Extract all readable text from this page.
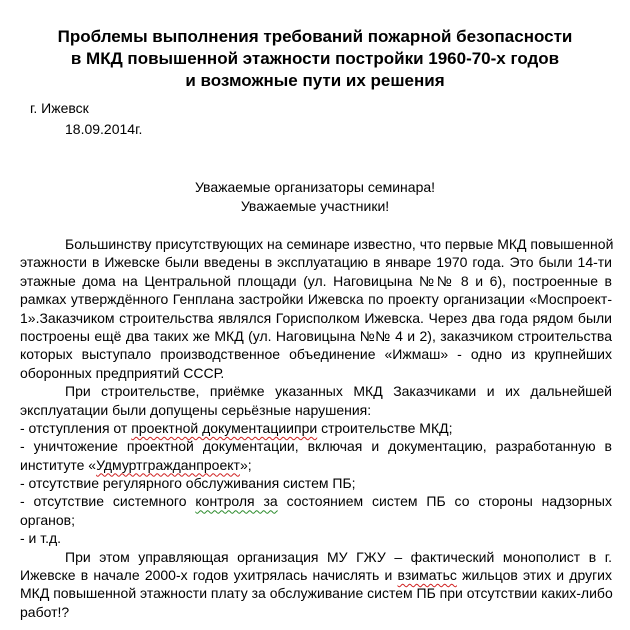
Проблемы выполнения требований пожарной безопасности
в МКД повышенной этажности постройки 1960-70-х годов
и возможные пути их решения
г. Ижевск
18.09.2014г.
Уважаемые организаторы семинара!
Уважаемые участники!
Большинству присутствующих на семинаре известно, что первые МКД повышенной
этажности в Ижевске были введены в эксплуатацию в январе 1970 года. Это были 14-ти
этажные дома на Центральной площади (ул. Наговицына №№ 8 и 6), построенные в
рамках утверждённого Генплана застройки Ижевска по проекту организации «Моспроект-
1».Заказчиком строительства являлся Горисполком Ижевска. Через два года рядом были
построены ещё два таких же МКД (ул. Наговицына №№ 4 и 2), заказчиком строительства
которых выступало производственное объединение «Ижмаш» - одно из крупнейших
оборонных предприятий СССР.
При строительстве, приёмке указанных МКД Заказчиками и их дальнейшей
эксплуатации были допущены серьёзные нарушения:
- отступления от проектной документациипри строительстве МКД;
- уничтожение проектной документации, включая и документацию, разработанную в
институте «Удмуртгражданпроект»;
- отсутствие регулярного обслуживания систем ПБ;
- отсутствие системного контроля за состоянием систем ПБ со стороны надзорных
органов;
- и т.д.
При этом управляющая организация МУ ГЖУ – фактический монополист в г.
Ижевске в начале 2000-х годов ухитрялась начислять и взиматьс жильцов этих и других
МКД повышенной этажности плату за обслуживание систем ПБ при отсутствии каких-либо
работ!?
